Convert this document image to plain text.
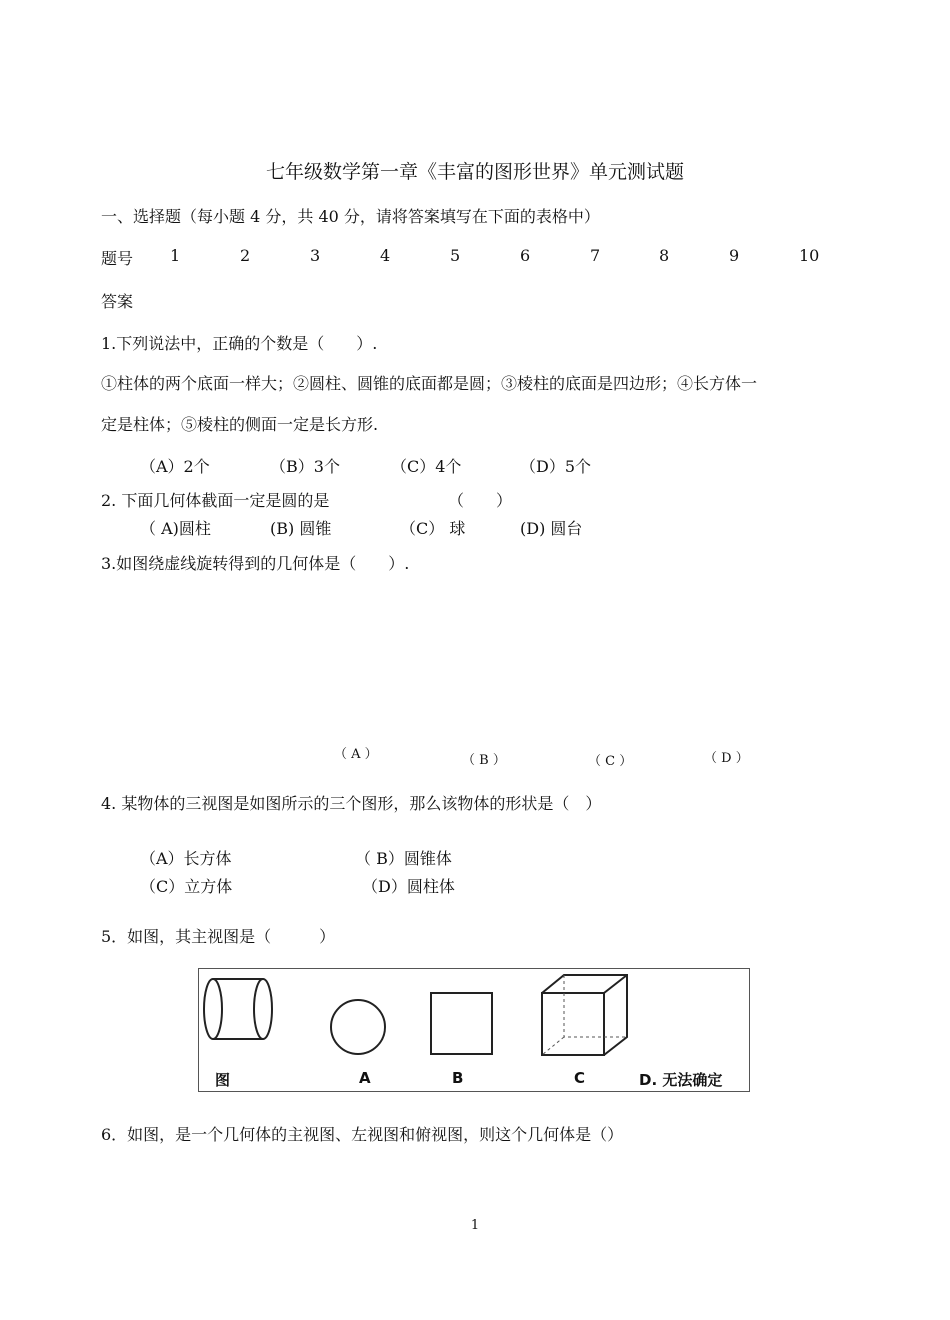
七年级数学第一章《丰富的图形世界》单元测试题
一、选择题（每小题 4 分，共 40 分，请将答案填写在下面的表格中）
题号 1	2	3	4	5	6	7	8	9	10
答案
1.下列说法中，正确的个数是（　　）.
①柱体的两个底面一样大；②圆柱、圆锥的底面都是圆；③棱柱的底面是四边形；④长方体一
定是柱体；⑤棱柱的侧面一定是长方形.
（A）2个	（B）3个	（C）4个	（D）5个
2. 下面几何体截面一定是圆的是	（　　）
（ A)圆柱	(B) 圆锥	（C） 球	(D) 圆台
3.如图绕虚线旋转得到的几何体是（　　）.
（ A ）	（ B ）	（ C ）	（ D ）
4. 某物体的三视图是如图所示的三个图形，那么该物体的形状是（　）
（A）长方体	（ B）圆锥体
（C）立方体	（D）圆柱体
5．如图，其主视图是（　　　）
图	A	B	C	D. 无法确定
6．如图，是一个几何体的主视图、左视图和俯视图，则这个几何体是（）
1
